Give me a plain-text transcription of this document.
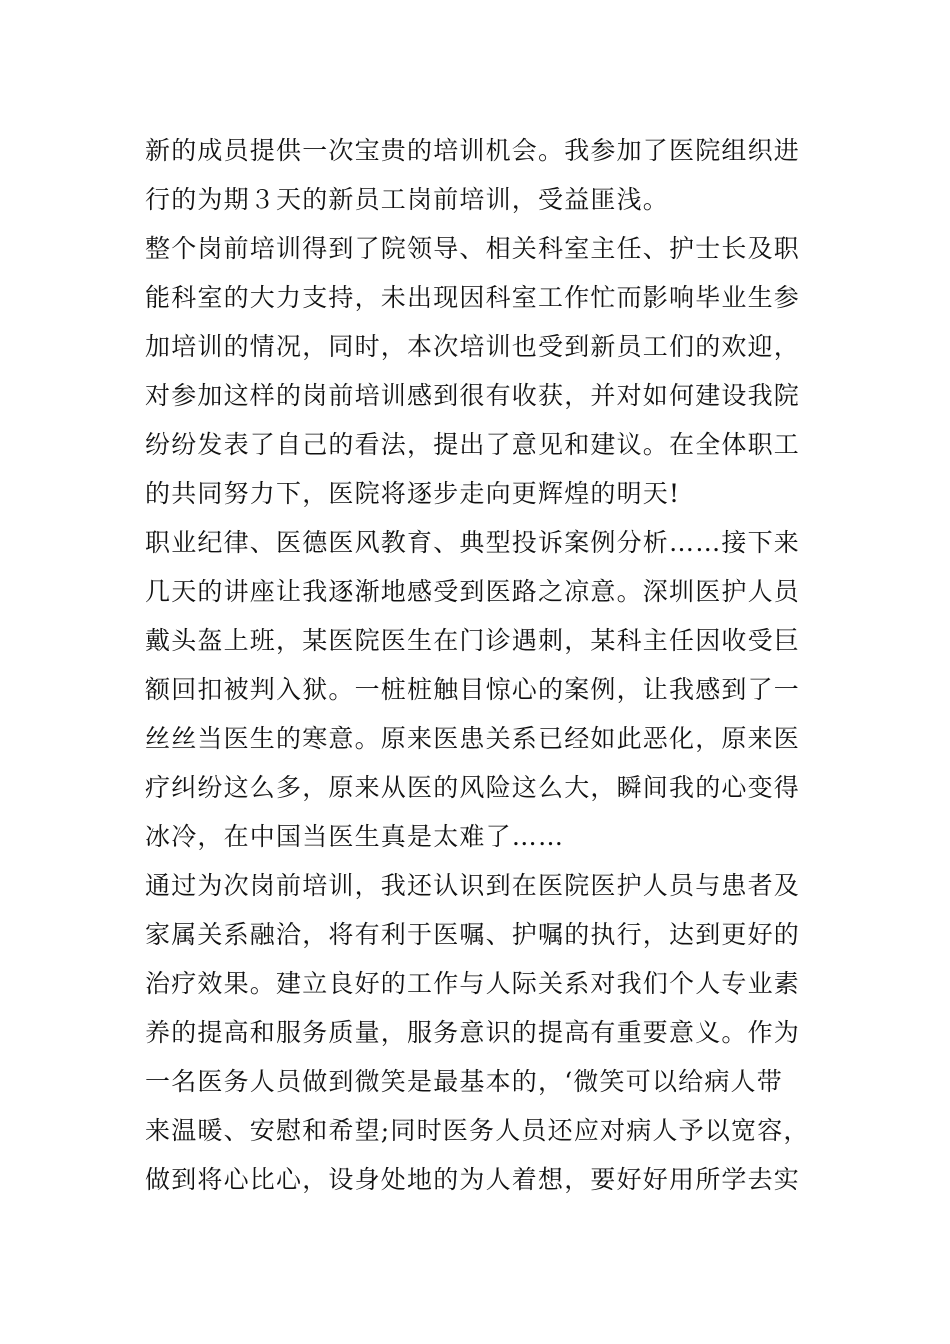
新的成员提供一次宝贵的培训机会。我参加了医院组织进
行的为期３天的新员工岗前培训，受益匪浅。
整个岗前培训得到了院领导、相关科室主任、护士长及职
能科室的大力支持，未出现因科室工作忙而影响毕业生参
加培训的情况，同时，本次培训也受到新员工们的欢迎，
对参加这样的岗前培训感到很有收获，并对如何建设我院
纷纷发表了自己的看法，提出了意见和建议。在全体职工
的共同努力下，医院将逐步走向更辉煌的明天!
职业纪律、医德医风教育、典型投诉案例分析……接下来
几天的讲座让我逐渐地感受到医路之凉意。深圳医护人员
戴头盔上班，某医院医生在门诊遇刺，某科主任因收受巨
额回扣被判入狱。一桩桩触目惊心的案例，让我感到了一
丝丝当医生的寒意。原来医患关系已经如此恶化，原来医
疗纠纷这么多，原来从医的风险这么大，瞬间我的心变得
冰冷，在中国当医生真是太难了……
通过为次岗前培训，我还认识到在医院医护人员与患者及
家属关系融洽，将有利于医嘱、护嘱的执行，达到更好的
治疗效果。建立良好的工作与人际关系对我们个人专业素
养的提高和服务质量，服务意识的提高有重要意义。作为
一名医务人员做到微笑是最基本的，‘微笑可以给病人带
来温暖、安慰和希望;同时医务人员还应对病人予以宽容，
做到将心比心，设身处地的为人着想，要好好用所学去实
